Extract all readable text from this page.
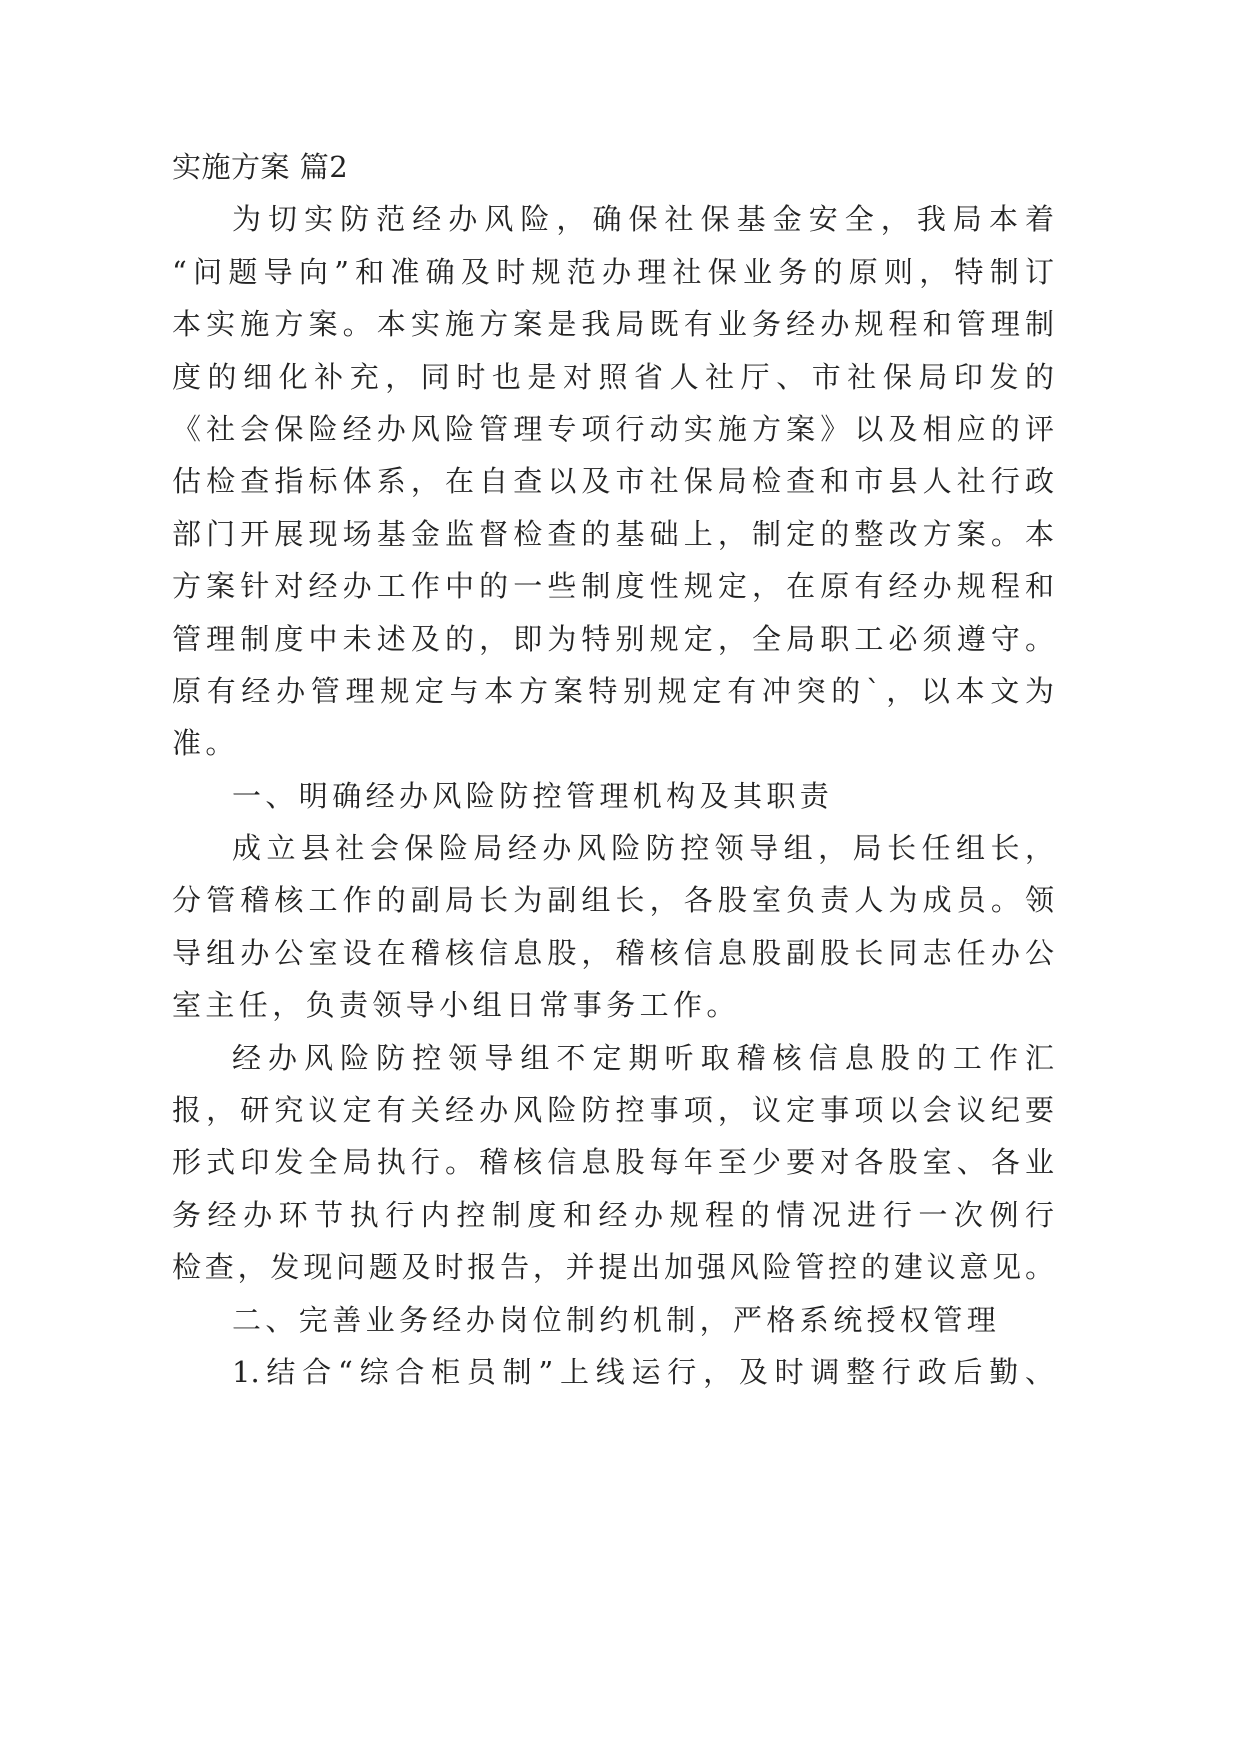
实施方案 篇2
为切实防范经办风险，确保社保基金安全，我局本着
“问题导向”和准确及时规范办理社保业务的原则，特制订
本实施方案。本实施方案是我局既有业务经办规程和管理制
度的细化补充，同时也是对照省人社厅、市社保局印发的
《社会保险经办风险管理专项行动实施方案》以及相应的评
估检查指标体系，在自查以及市社保局检查和市县人社行政
部门开展现场基金监督检查的基础上，制定的整改方案。本
方案针对经办工作中的一些制度性规定，在原有经办规程和
管理制度中未述及的，即为特别规定，全局职工必须遵守。
原有经办管理规定与本方案特别规定有冲突的`，以本文为
准。
一、明确经办风险防控管理机构及其职责
成立县社会保险局经办风险防控领导组，局长任组长，
分管稽核工作的副局长为副组长，各股室负责人为成员。领
导组办公室设在稽核信息股，稽核信息股副股长同志任办公
室主任，负责领导小组日常事务工作。
经办风险防控领导组不定期听取稽核信息股的工作汇
报，研究议定有关经办风险防控事项，议定事项以会议纪要
形式印发全局执行。稽核信息股每年至少要对各股室、各业
务经办环节执行内控制度和经办规程的情况进行一次例行
检查，发现问题及时报告，并提出加强风险管控的建议意见。
二、完善业务经办岗位制约机制，严格系统授权管理
1.结合“综合柜员制”上线运行，及时调整行政后勤、
